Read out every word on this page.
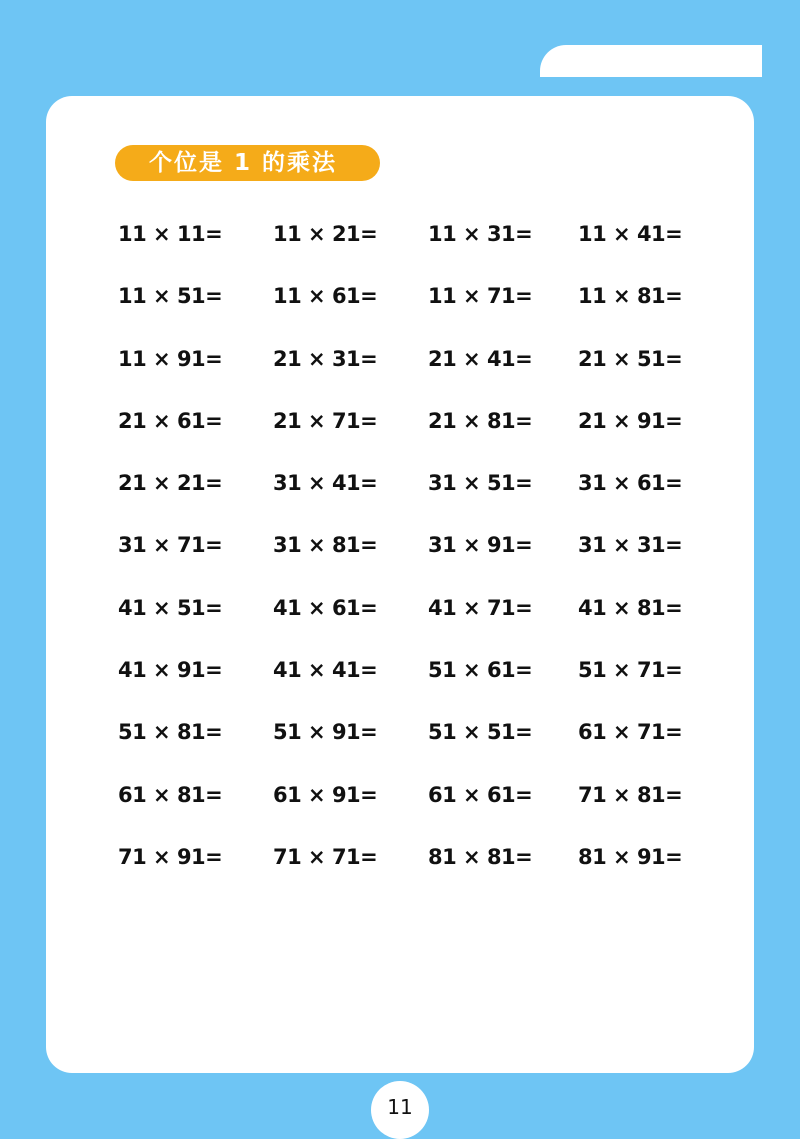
个位是 1 的乘法
11 × 11=	11 × 21=	11 × 31=	11 × 41=
11 × 51=	11 × 61=	11 × 71=	11 × 81=
11 × 91=	21 × 31=	21 × 41=	21 × 51=
21 × 61=	21 × 71=	21 × 81=	21 × 91=
21 × 21=	31 × 41=	31 × 51=	31 × 61=
31 × 71=	31 × 81=	31 × 91=	31 × 31=
41 × 51=	41 × 61=	41 × 71=	41 × 81=
41 × 91=	41 × 41=	51 × 61=	51 × 71=
51 × 81=	51 × 91=	51 × 51=	61 × 71=
61 × 81=	61 × 91=	61 × 61=	71 × 81=
71 × 91=	71 × 71=	81 × 81=	81 × 91=
11
